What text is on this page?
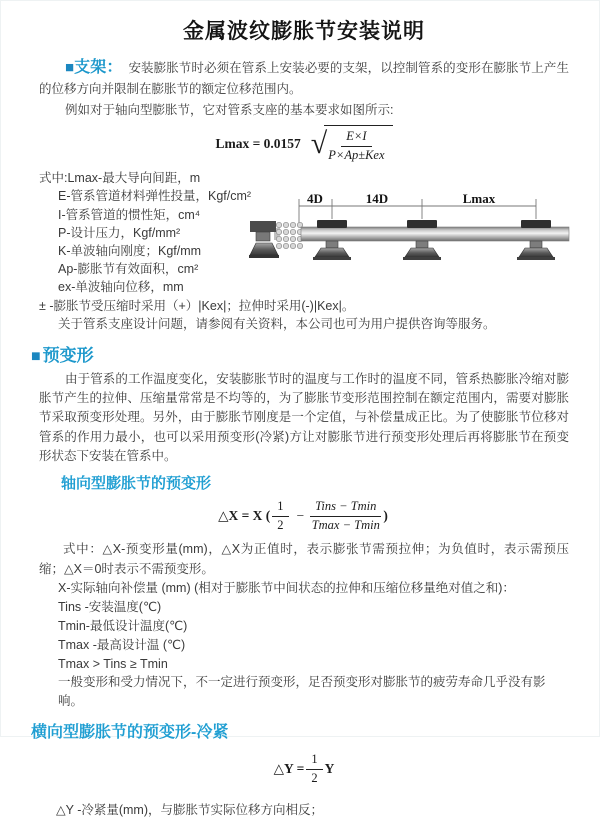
金属波纹膨胀节安装说明

■支架： 安装膨胀节时必须在管系上安装必要的支架，以控制管系的变形在膨胀节上产生的位移方向并限制在膨胀节的额定位移范围内。

例如对于轴向型膨胀节，它对管系支座的基本要求如图所示:

Lmax = 0.0157 √ $\frac{E\times I}{\text{P×Ap±Kex}}$
式中:Lmax-最大导向间距，m
E-管系管道材料弹性投量，Kgf/cm²
I-管系管道的惯性矩，cm⁴
P-设计压力，Kgf/mm²
K-单波轴向刚度；Kgf/mm
Ap-膨胀节有效面积，cm²
ex-单波轴向位移，mm
± -膨胀节受压缩时采用（+）|Kex|；拉伸时采用(-)|Kex|。
关于管系支座设计问题，请参阅有关资料，本公司也可为用户提供咨询等服务。
4D	14D	Lmax
■ 预变形

由于管系的工作温度变化，安装膨胀节时的温度与工作时的温度不同，管系热膨胀冷缩对膨胀节产生的拉伸、压缩量常常是不均等的，为了膨胀节变形范围控制在额定范围内，需要对膨胀节采取预变形处理。另外，由于膨胀节刚度是一个定值，与补偿量成正比。为了使膨胀节位移对管系的作用力最小，也可以采用预变形(冷紧)方让对膨胀节进行预变形处理后再将膨胀节在预变形状态下安装在管系中。

轴向型膨胀节的预变形
△X = X ( $\frac{1}{2} - \frac{\text{Tins − Tmin}}{Tmax - Tmin}$ )

式中：△X-预变形量(mm)，△X为正值时，表示膨张节需预拉伸；为负值时，表示需预压缩；△X＝0时表示不需预变形。

X-实际轴向补偿量 (mm) (相对于膨胀节中间状态的拉伸和压缩位移量绝对值之和)：
Tins -安装温度(℃)
Tmin-最低设计温度(℃)
Tmax -最高设计温 (℃)
Tmax > Tins ≥ Tmin
一般变形和受力情况下，不一定进行预变形，足否预变形对膨胀节的疲劳寿命几乎没有影响。
横向型膨胀节的预变形-冷紧
△Y = $\frac{1}{2}$ Y

△Y -冷紧量(mm)，与膨胀节实际位移方向相反；
